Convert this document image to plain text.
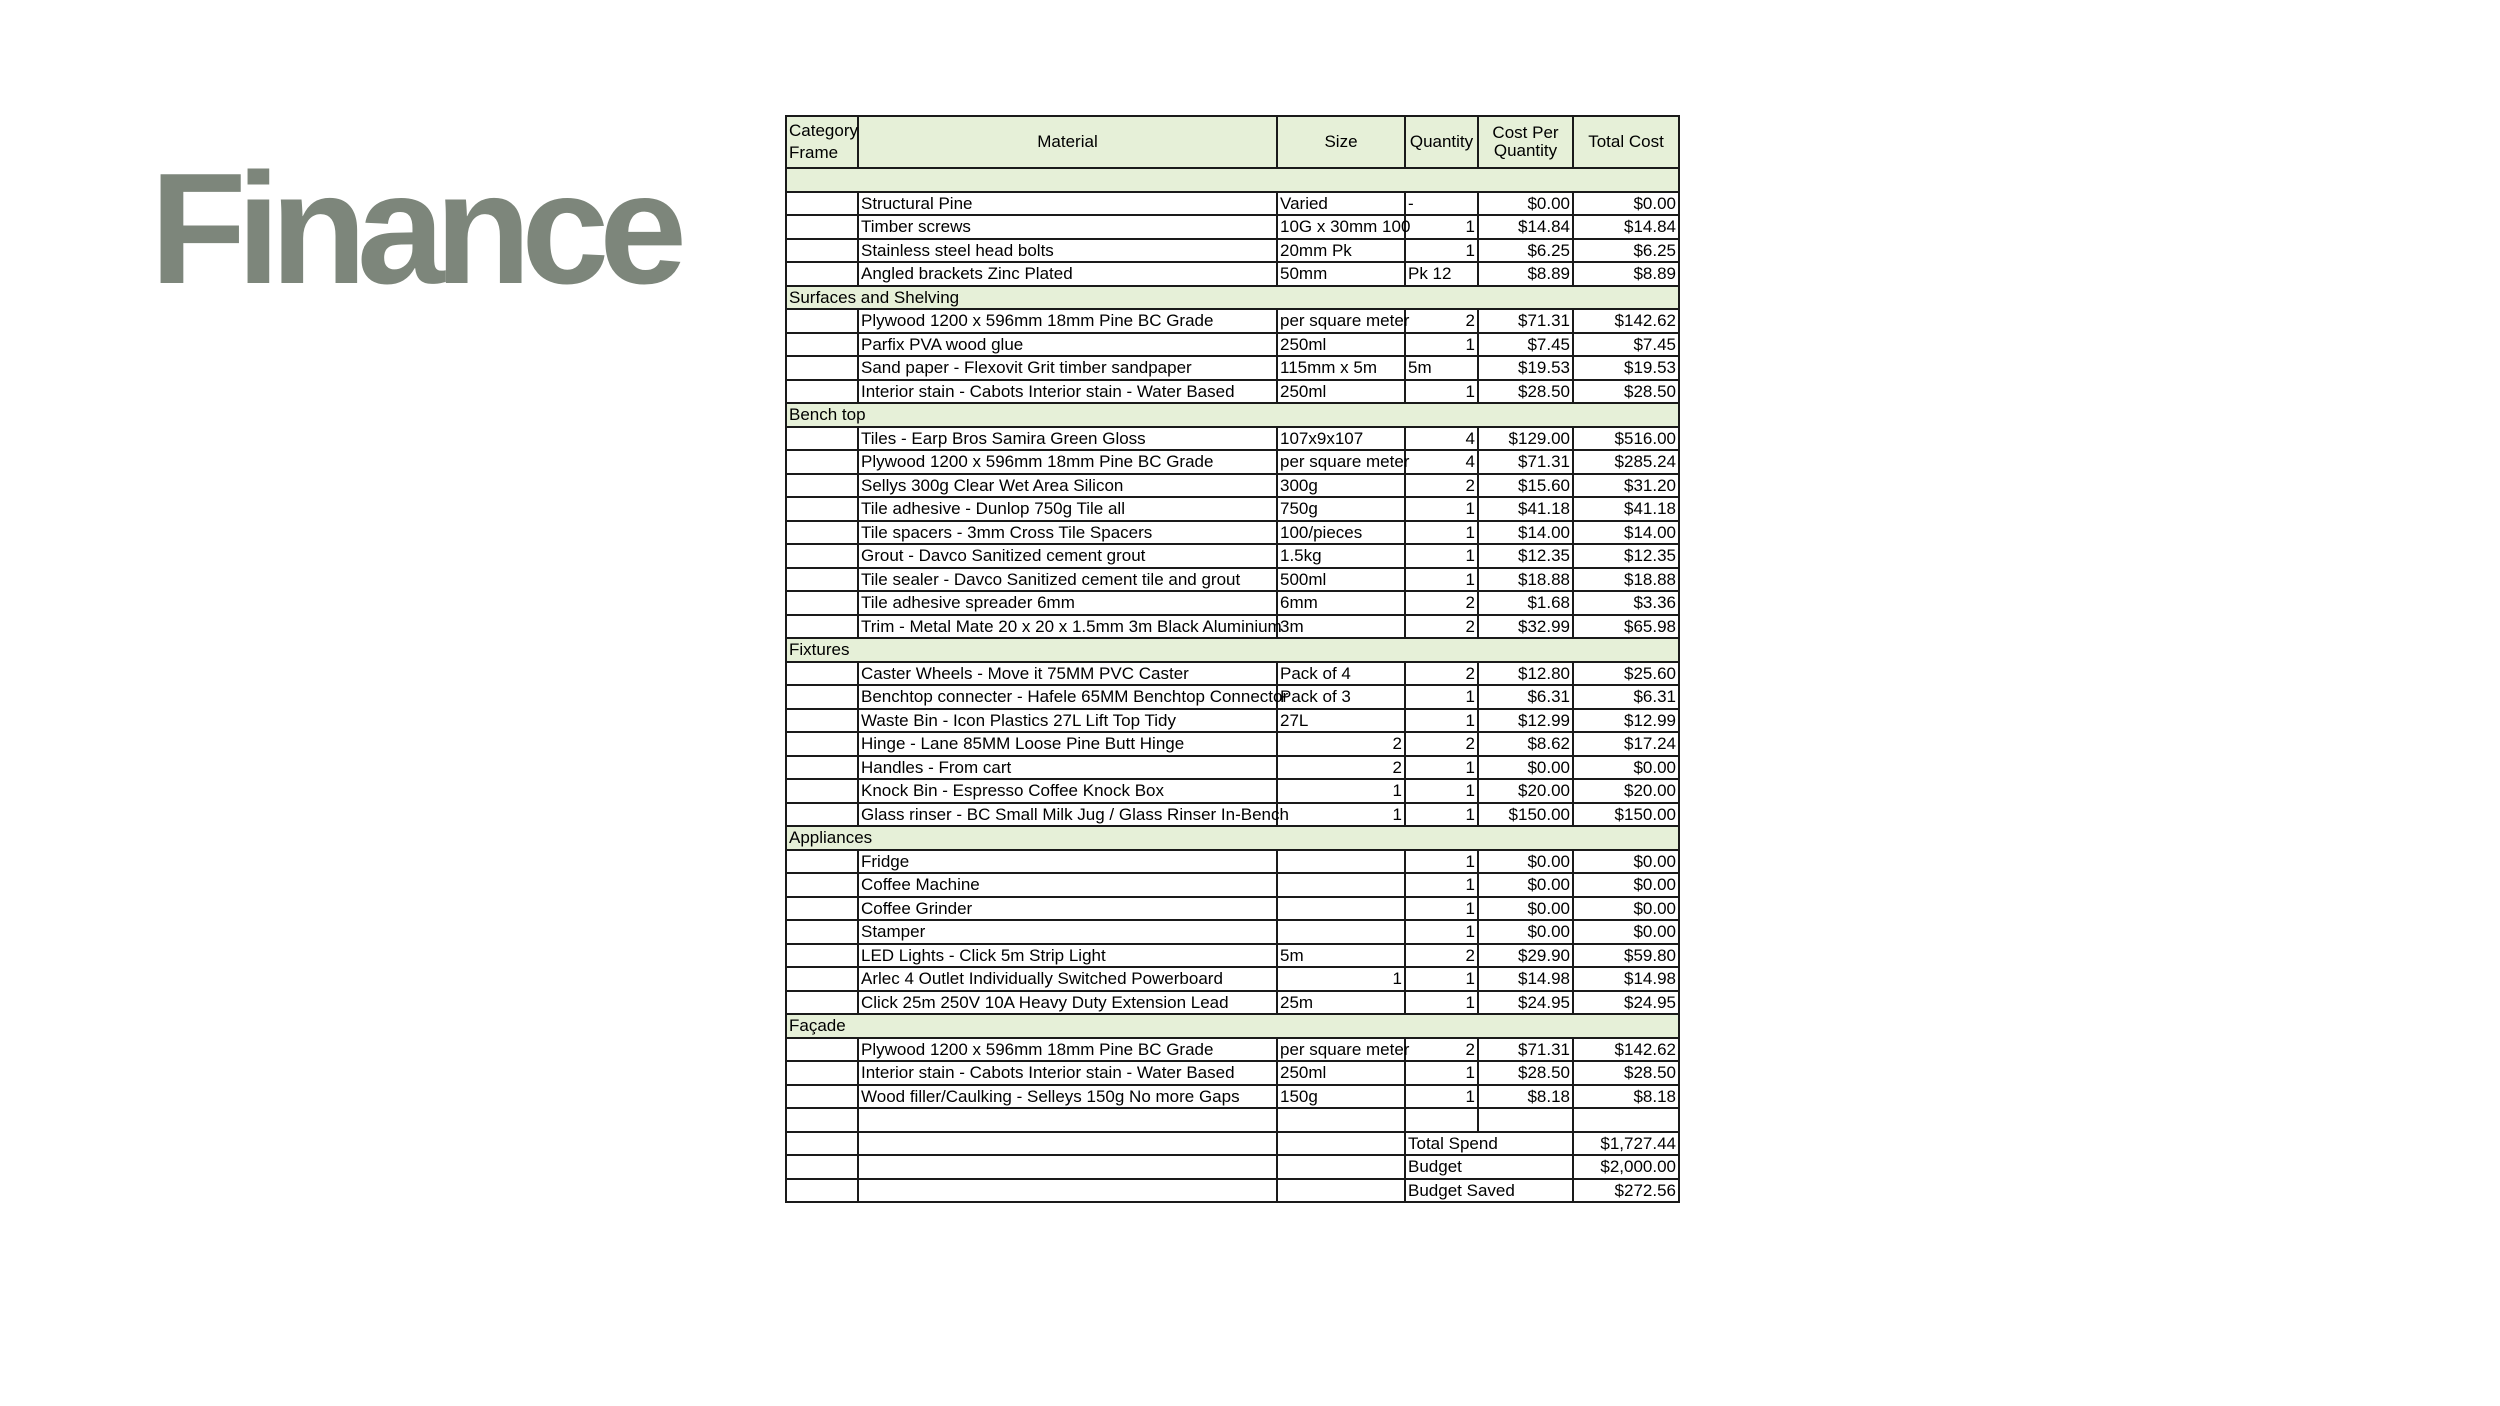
Finance
Category Frame	Material	Size	Quantity	Cost Per Quantity	Total Cost

	Structural Pine	Varied	-	$0.00	$0.00
	Timber screws	10G x 30mm 100	1	$14.84	$14.84
	Stainless steel head bolts	20mm Pk	1	$6.25	$6.25
	Angled brackets Zinc Plated	50mm	Pk 12	$8.89	$8.89
Surfaces and Shelving					
	Plywood 1200 x 596mm 18mm Pine BC Grade	per square meter	2	$71.31	$142.62
	Parfix PVA wood glue	250ml	1	$7.45	$7.45
	Sand paper - Flexovit Grit timber sandpaper	115mm x 5m	5m	$19.53	$19.53
	Interior stain - Cabots Interior stain - Water Based	250ml	1	$28.50	$28.50
Bench top					
	Tiles - Earp Bros Samira Green Gloss	107x9x107	4	$129.00	$516.00
	Plywood 1200 x 596mm 18mm Pine BC Grade	per square meter	4	$71.31	$285.24
	Sellys 300g Clear Wet Area Silicon	300g	2	$15.60	$31.20
	Tile adhesive - Dunlop 750g Tile all	750g	1	$41.18	$41.18
	Tile spacers - 3mm Cross Tile Spacers	100/pieces	1	$14.00	$14.00
	Grout - Davco Sanitized cement grout	1.5kg	1	$12.35	$12.35
	Tile sealer - Davco Sanitized cement tile and grout	500ml	1	$18.88	$18.88
	Tile adhesive spreader 6mm	6mm	2	$1.68	$3.36
	Trim - Metal Mate 20 x 20 x 1.5mm 3m Black Aluminium	3m	2	$32.99	$65.98
Fixtures					
	Caster Wheels - Move it 75MM PVC Caster	Pack of 4	2	$12.80	$25.60
	Benchtop connecter - Hafele 65MM Benchtop Connector	Pack of 3	1	$6.31	$6.31
	Waste Bin - Icon Plastics 27L Lift Top Tidy	27L	1	$12.99	$12.99
	Hinge - Lane 85MM Loose Pine Butt Hinge	2	2	$8.62	$17.24
	Handles - From cart	2	1	$0.00	$0.00
	Knock Bin - Espresso Coffee Knock Box	1	1	$20.00	$20.00
	Glass rinser - BC Small Milk Jug / Glass Rinser In-Bench	1	1	$150.00	$150.00
Appliances					
	Fridge		1	$0.00	$0.00
	Coffee Machine		1	$0.00	$0.00
	Coffee Grinder		1	$0.00	$0.00
	Stamper		1	$0.00	$0.00
	LED Lights - Click 5m Strip Light	5m	2	$29.90	$59.80
	Arlec 4 Outlet Individually Switched Powerboard	1	1	$14.98	$14.98
	Click 25m 250V 10A Heavy Duty Extension Lead	25m	1	$24.95	$24.95
Façade					
	Plywood 1200 x 596mm 18mm Pine BC Grade	per square meter	2	$71.31	$142.62
	Interior stain - Cabots Interior stain - Water Based	250ml	1	$28.50	$28.50
	Wood filler/Caulking - Selleys 150g No more Gaps	150g	1	$8.18	$8.18

			Total Spend		$1,727.44
			Budget		$2,000.00
			Budget Saved		$272.56
